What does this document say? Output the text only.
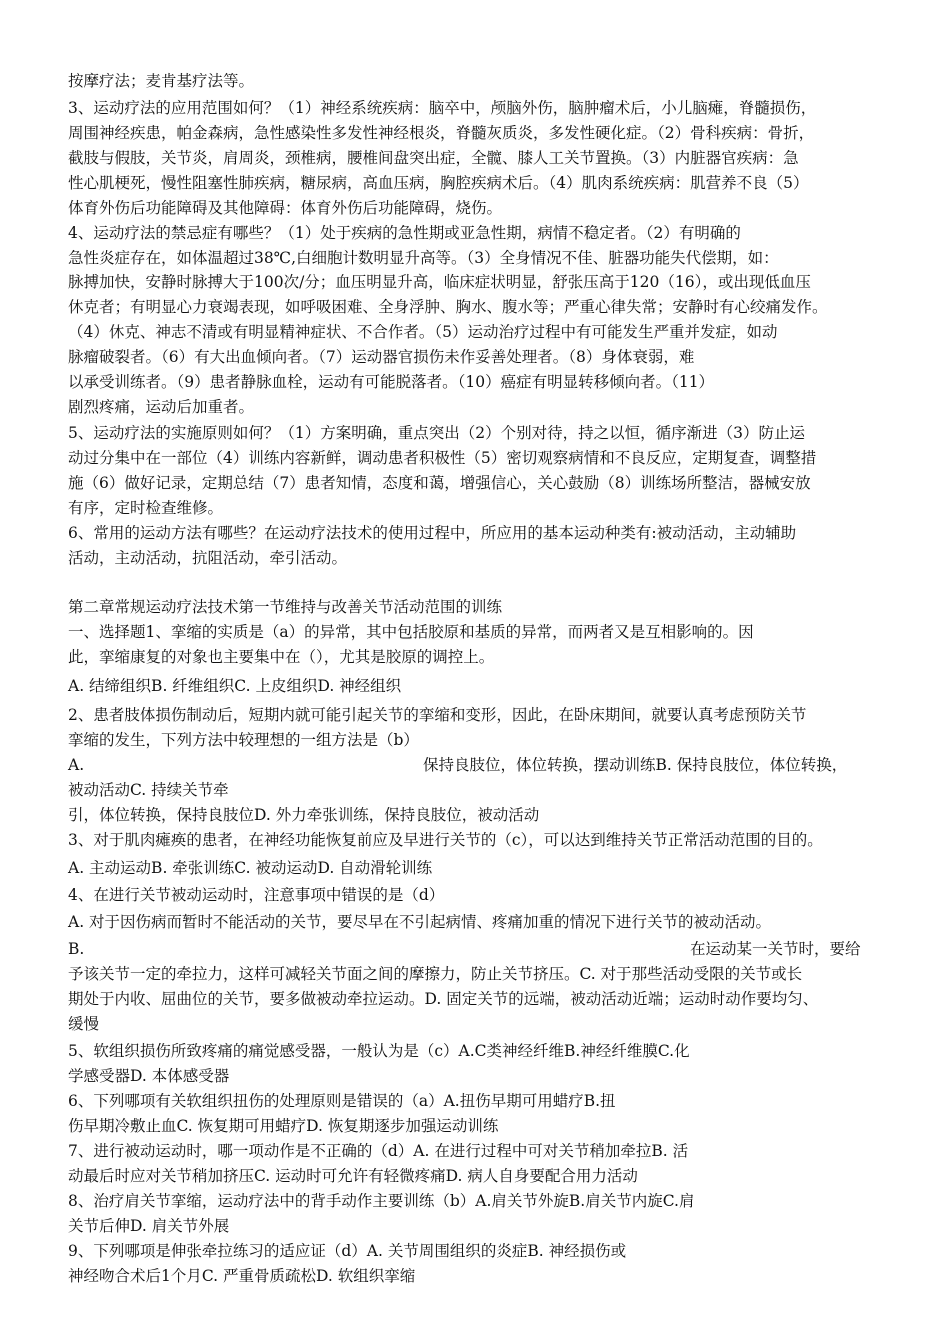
按摩疗法；麦肯基疗法等。
3、运动疗法的应用范围如何？（1）神经系统疾病：脑卒中，颅脑外伤，脑肿瘤术后，小儿脑瘫，脊髓损伤，
周围神经疾患，帕金森病，急性感染性多发性神经根炎，脊髓灰质炎，多发性硬化症。（2）骨科疾病：骨折，
截肢与假肢，关节炎，肩周炎，颈椎病，腰椎间盘突出症，全髋、膝人工关节置换。（3）内脏器官疾病：急
性心肌梗死，慢性阻塞性肺疾病，糖尿病，高血压病，胸腔疾病术后。（4）肌肉系统疾病：肌营养不良（5）
体育外伤后功能障碍及其他障碍：体育外伤后功能障碍，烧伤。
4、运动疗法的禁忌症有哪些？（1）处于疾病的急性期或亚急性期，病情不稳定者。（2）有明确的
急性炎症存在，如体温超过38℃,白细胞计数明显升高等。（3）全身情况不佳、脏器功能失代偿期，如：
脉搏加快，安静时脉搏大于100次/分；血压明显升高，临床症状明显，舒张压高于120（16），或出现低血压
休克者；有明显心力衰竭表现，如呼吸困难、全身浮肿、胸水、腹水等；严重心律失常；安静时有心绞痛发作。
（4）休克、神志不清或有明显精神症状、不合作者。（5）运动治疗过程中有可能发生严重并发症，如动
脉瘤破裂者。（6）有大出血倾向者。（7）运动器官损伤未作妥善处理者。（8）身体衰弱，难
以承受训练者。（9）患者静脉血栓，运动有可能脱落者。（10）癌症有明显转移倾向者。（11）
剧烈疼痛，运动后加重者。
5、运动疗法的实施原则如何？（1）方案明确，重点突出（2）个别对待，持之以恒，循序渐进（3）防止运
动过分集中在一部位（4）训练内容新鲜，调动患者积极性（5）密切观察病情和不良反应，定期复查，调整措
施（6）做好记录，定期总结（7）患者知情，态度和蔼，增强信心，关心鼓励（8）训练场所整洁，器械安放
有序，定时检查维修。
6、常用的运动方法有哪些？在运动疗法技术的使用过程中，所应用的基本运动种类有:被动活动，主动辅助
活动，主动活动，抗阻活动，牵引活动。
第二章常规运动疗法技术第一节维持与改善关节活动范围的训练
一、选择题1、挛缩的实质是（a）的异常，其中包括胶原和基质的异常，而两者又是互相影响的。因
此，挛缩康复的对象也主要集中在（），尤其是胶原的调控上。
A. 结缔组织B. 纤维组织C. 上皮组织D. 神经组织
2、患者肢体损伤制动后，短期内就可能引起关节的挛缩和变形，因此，在卧床期间，就要认真考虑预防关节
挛缩的发生，下列方法中较理想的一组方法是（b）
A.	保持良肢位，体位转换，摆动训练B. 保持良肢位，体位转换，
被动活动C. 持续关节牵
引，体位转换，保持良肢位D. 外力牵张训练，保持良肢位，被动活动
3、对于肌肉瘫痪的患者，在神经功能恢复前应及早进行关节的（c），可以达到维持关节正常活动范围的目的。
A. 主动运动B. 牵张训练C. 被动运动D. 自动滑轮训练
4、在进行关节被动运动时，注意事项中错误的是（d）
A. 对于因伤病而暂时不能活动的关节，要尽早在不引起病情、疼痛加重的情况下进行关节的被动活动。
B.	在运动某一关节时，要给
予该关节一定的牵拉力，这样可减轻关节面之间的摩擦力，防止关节挤压。C. 对于那些活动受限的关节或长
期处于内收、屈曲位的关节，要多做被动牵拉运动。D. 固定关节的远端，被动活动近端；运动时动作要均匀、
缓慢
5、软组织损伤所致疼痛的痛觉感受器，一般认为是（c）A.C类神经纤维B.神经纤维膜C.化
学感受器D. 本体感受器
6、下列哪项有关软组织扭伤的处理原则是错误的（a）A.扭伤早期可用蜡疗B.扭
伤早期冷敷止血C. 恢复期可用蜡疗D. 恢复期逐步加强运动训练
7、进行被动运动时，哪一项动作是不正确的（d）A. 在进行过程中可对关节稍加牵拉B. 活
动最后时应对关节稍加挤压C. 运动时可允许有轻微疼痛D. 病人自身要配合用力活动
8、治疗肩关节挛缩，运动疗法中的背手动作主要训练（b）A.肩关节外旋B.肩关节内旋C.肩
关节后伸D. 肩关节外展
9、下列哪项是伸张牵拉练习的适应证（d）A. 关节周围组织的炎症B. 神经损伤或
神经吻合术后1个月C. 严重骨质疏松D. 软组织挛缩
